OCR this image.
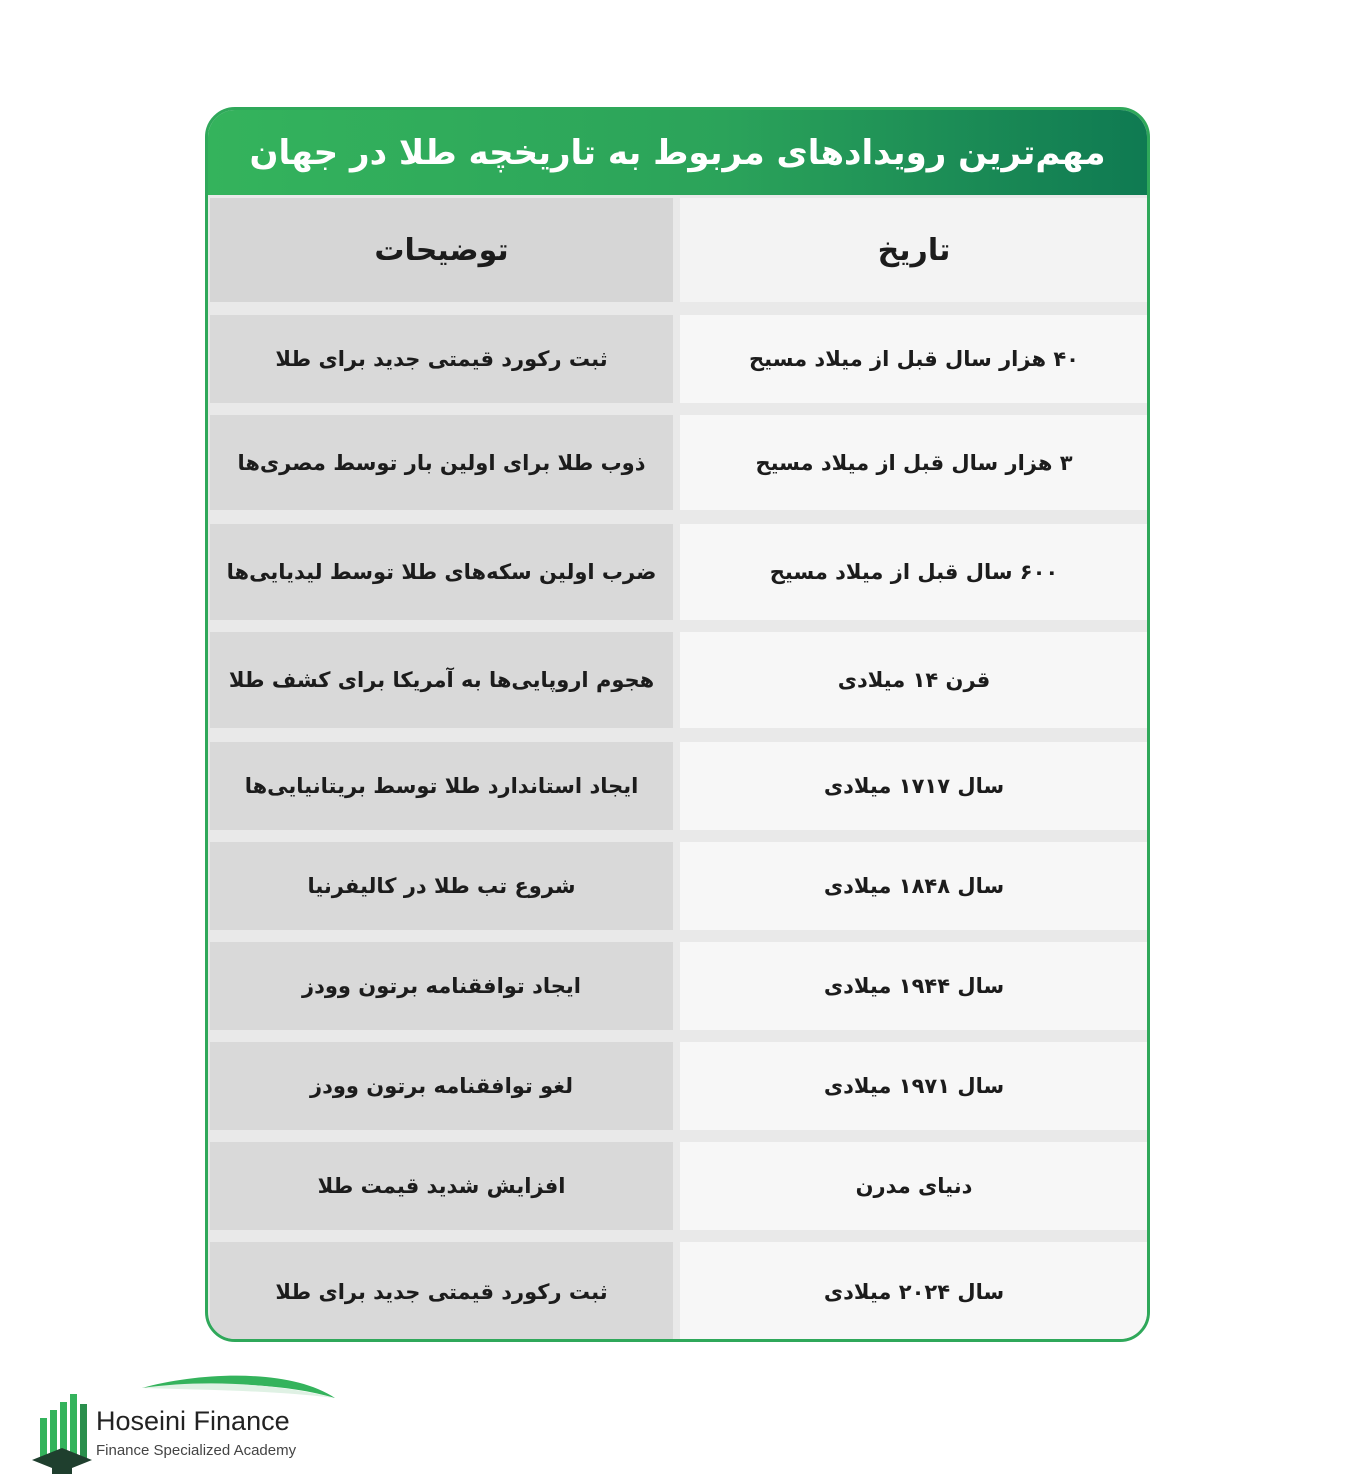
مهم‌ترین رویدادهای مربوط به تاریخچه طلا در جهان
تاریخ
توضیحات
۴۰ هزار سال قبل از میلاد مسیح
ثبت رکورد قیمتی جدید برای طلا
۳ هزار سال قبل از میلاد مسیح
ذوب طلا برای اولین بار توسط مصری‌ها
۶۰۰ سال قبل از میلاد مسیح
ضرب اولین سکه‌های طلا توسط لیدیایی‌ها
قرن ۱۴ میلادی
هجوم اروپایی‌ها به آمریکا برای کشف طلا
سال ۱۷۱۷ میلادی
ایجاد استاندارد طلا توسط بریتانیایی‌ها
سال ۱۸۴۸ میلادی
شروع تب طلا در کالیفرنیا
سال ۱۹۴۴ میلادی
ایجاد توافقنامه برتون وودز
سال ۱۹۷۱ میلادی
لغو توافقنامه برتون وودز
دنیای مدرن
افزایش شدید قیمت طلا
سال ۲۰۲۴ میلادی
ثبت رکورد قیمتی جدید برای طلا
Hoseini Finance
Finance Specialized Academy
